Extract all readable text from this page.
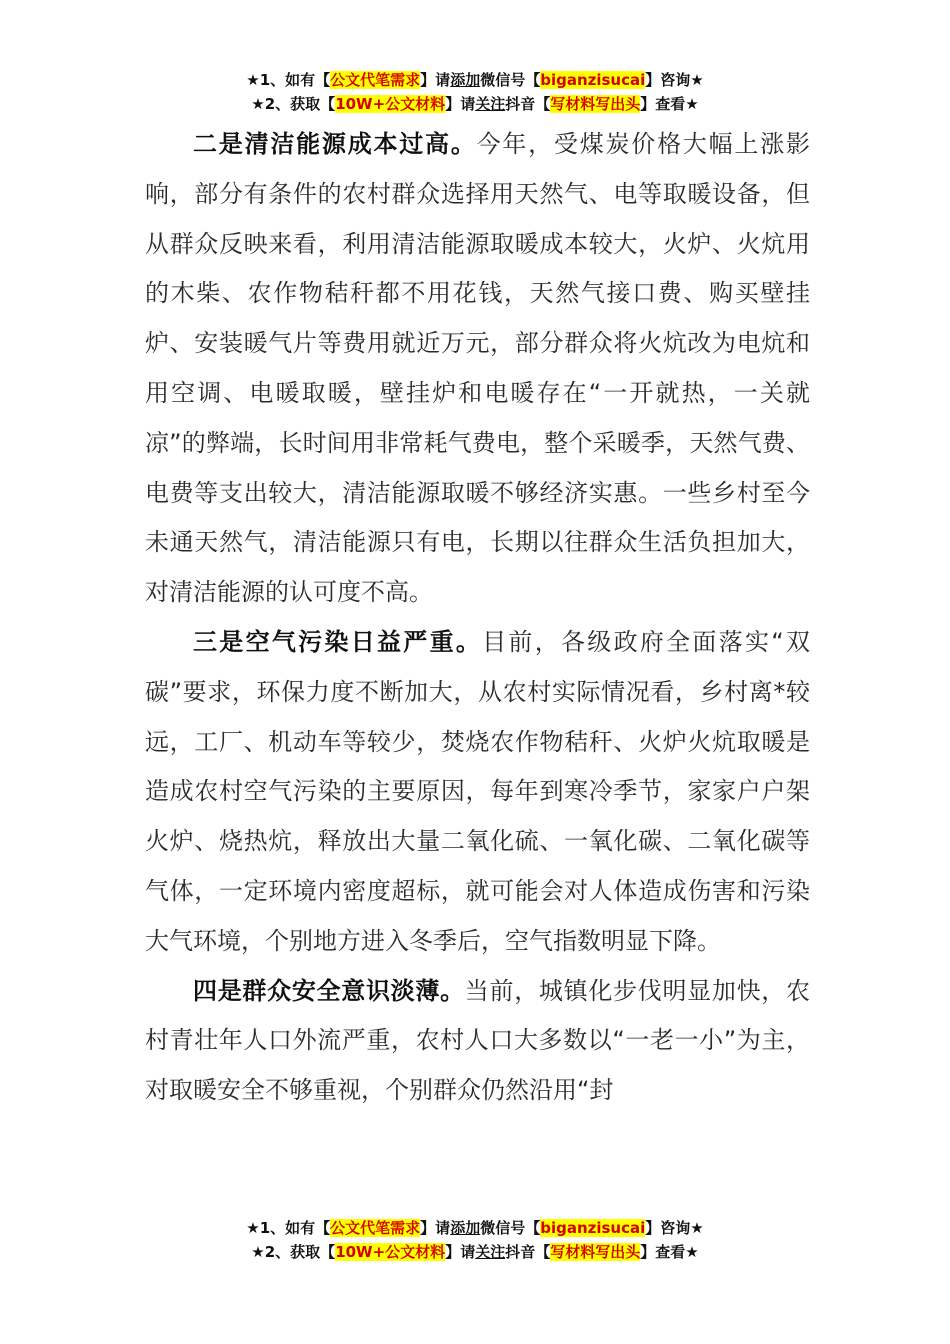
★1、如有【公文代笔需求】请添加微信号【biganzisucai】咨询★
★2、获取【10W+公文材料】请关注抖音【写材料写出头】查看★

二是清洁能源成本过高。今年，受煤炭价格大幅上涨影响，部分有条件的农村群众选择用天然气、电等取暖设备，但从群众反映来看，利用清洁能源取暖成本较大，火炉、火炕用的木柴、农作物秸秆都不用花钱，天然气接口费、购买壁挂炉、安装暖气片等费用就近万元，部分群众将火炕改为电炕和用空调、电暖取暖，壁挂炉和电暖存在“一开就热，一关就凉”的弊端，长时间用非常耗气费电，整个采暖季，天然气费、电费等支出较大，清洁能源取暖不够经济实惠。一些乡村至今未通天然气，清洁能源只有电，长期以往群众生活负担加大，对清洁能源的认可度不高。

三是空气污染日益严重。目前，各级政府全面落实“双碳”要求，环保力度不断加大，从农村实际情况看，乡村离*较远，工厂、机动车等较少，焚烧农作物秸秆、火炉火炕取暖是造成农村空气污染的主要原因，每年到寒冷季节，家家户户架火炉、烧热炕，释放出大量二氧化硫、一氧化碳、二氧化碳等气体，一定环境内密度超标，就可能会对人体造成伤害和污染大气环境，个别地方进入冬季后，空气指数明显下降。

四是群众安全意识淡薄。当前，城镇化步伐明显加快，农村青壮年人口外流严重，农村人口大多数以“一老一小”为主，对取暖安全不够重视，个别群众仍然沿用“封

★1、如有【公文代笔需求】请添加微信号【biganzisucai】咨询★
★2、获取【10W+公文材料】请关注抖音【写材料写出头】查看★
